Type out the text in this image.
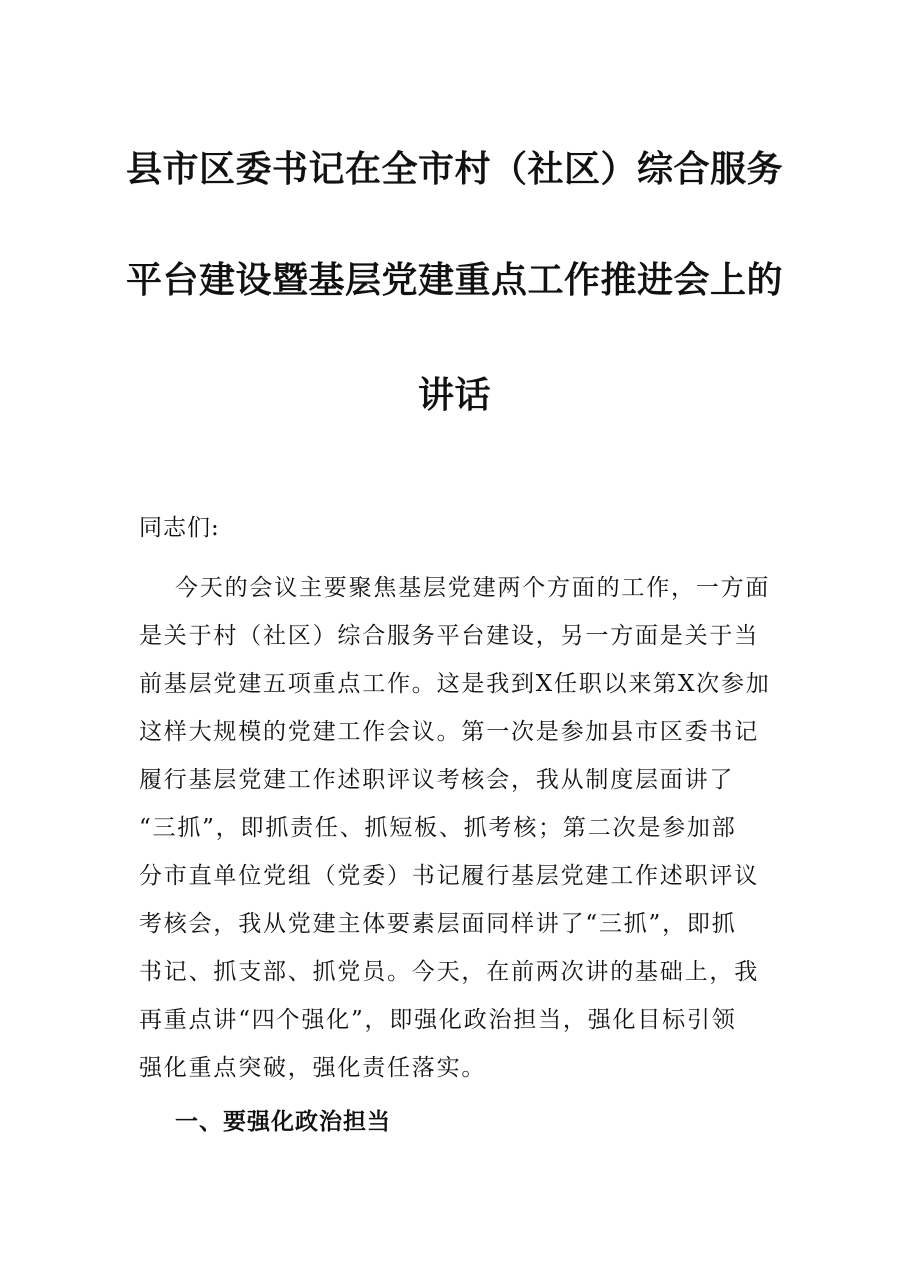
县市区委书记在全市村（社区）综合服务
平台建设暨基层党建重点工作推进会上的
讲话
同志们:
今天的会议主要聚焦基层党建两个方面的工作，一方面
是关于村（社区）综合服务平台建设，另一方面是关于当
前基层党建五项重点工作。这是我到X任职以来第X次参加
这样大规模的党建工作会议。第一次是参加县市区委书记
履行基层党建工作述职评议考核会，我从制度层面讲了
“三抓”，即抓责任、抓短板、抓考核；第二次是参加部
分市直单位党组（党委）书记履行基层党建工作述职评议
考核会，我从党建主体要素层面同样讲了“三抓”，即抓
书记、抓支部、抓党员。今天，在前两次讲的基础上，我
再重点讲“四个强化”，即强化政治担当，强化目标引领
强化重点突破，强化责任落实。
一、要强化政治担当
